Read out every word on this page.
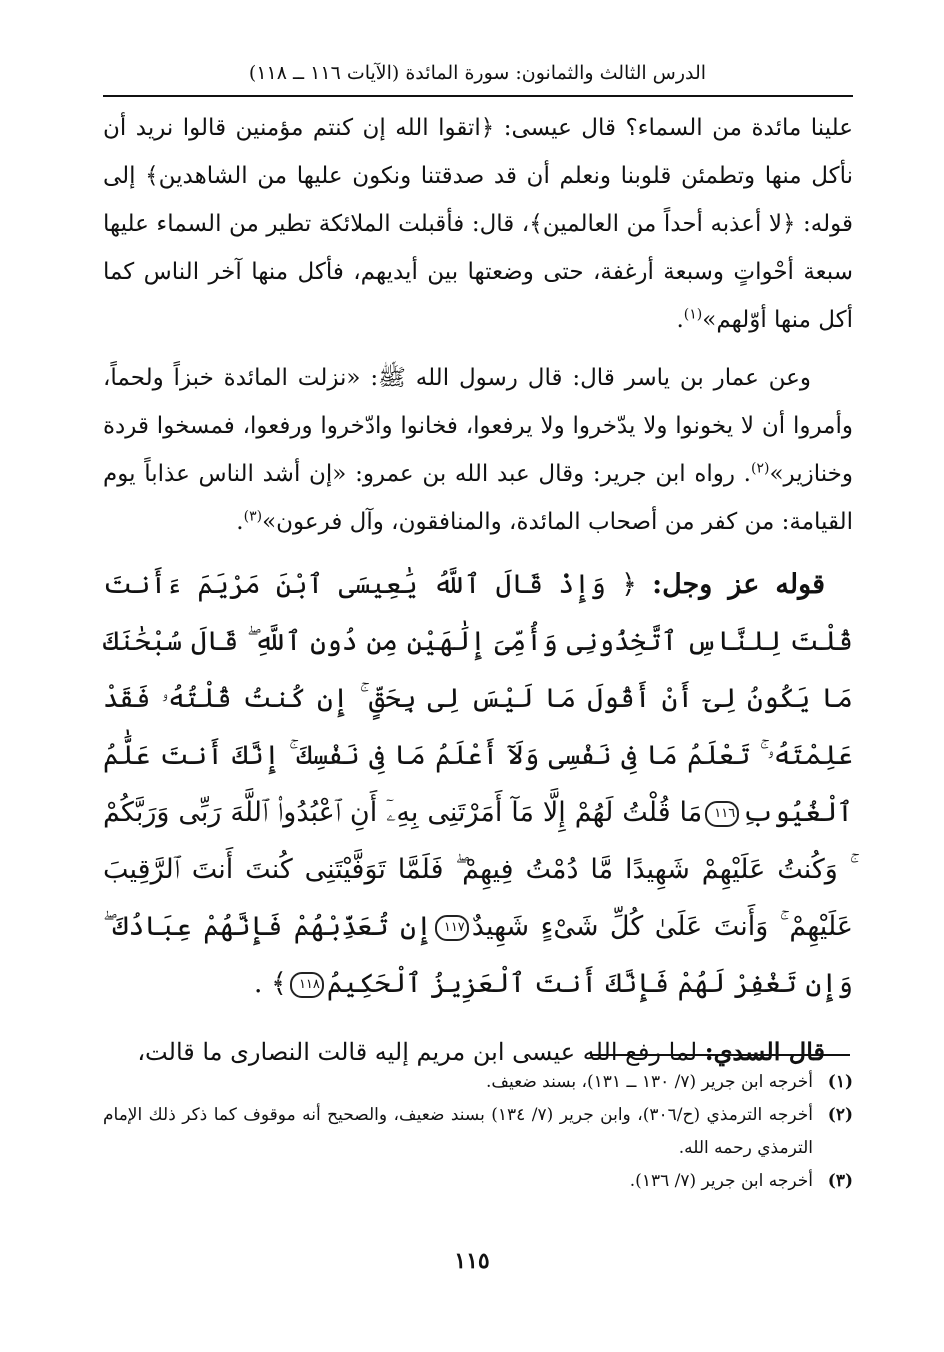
الدرس الثالث والثمانون: سورة المائدة (الآيات ١١٦ ــ ١١٨)

علينا مائدة من السماء؟ قال عيسى: ﴿اتقوا الله إن كنتم مؤمنين قالوا نريد أن نأكل منها وتطمئن قلوبنا ونعلم أن قد صدقتنا ونكون عليها من الشاهدين﴾ إلى قوله: ﴿لا أعذبه أحداً من العالمين﴾، قال: فأقبلت الملائكة تطير من السماء عليها سبعة أحْواتٍ وسبعة أرغفة، حتى وضعتها بين أيديهم، فأكل منها آخر الناس كما أكل منها أوّلهم»$^{(١)}$.

وعن عمار بن ياسر قال: قال رسول الله ﷺ: «نزلت المائدة خبزاً ولحماً، وأمروا أن لا يخونوا ولا يدّخروا ولا يرفعوا، فخانوا وادّخروا ورفعوا، فمسخوا قردة وخنازير»$^{(٢)}$. رواه ابن جرير: وقال عبد الله بن عمرو: «إن أشد الناس عذاباً يوم القيامة: من كفر من أصحاب المائدة، والمنافقون، وآل فرعون»$^{(٣)}$.

قوله عز وجل: ﴿ وَإِذْ قَالَ ٱللَّهُ يَٰعِيسَى ٱبْنَ مَرْيَمَ ءَأَنتَ قُلْتَ لِلنَّاسِ ٱتَّخِذُونِى وَأُمِّىَ إِلَٰهَيْنِ مِن دُونِ ٱللَّهِ ۖ قَالَ سُبْحَٰنَكَ مَا يَكُونُ لِىٓ أَنْ أَقُولَ مَا لَيْسَ لِى بِحَقٍّ ۚ إِن كُنتُ قُلْتُهُۥ فَقَدْ عَلِمْتَهُۥ ۚ تَعْلَمُ مَا فِى نَفْسِى وَلَآ أَعْلَمُ مَا فِى نَفْسِكَ ۚ إِنَّكَ أَنتَ عَلَّٰمُ ٱلْغُيُوبِ١١٦مَا قُلْتُ لَهُمْ إِلَّا مَآ أَمَرْتَنِى بِهِۦٓ أَنِ ٱعْبُدُوا۟ ٱللَّهَ رَبِّى وَرَبَّكُمْ ۚ وَكُنتُ عَلَيْهِمْ شَهِيدًا مَّا دُمْتُ فِيهِمْ ۖ فَلَمَّا تَوَفَّيْتَنِى كُنتَ أَنتَ ٱلرَّقِيبَ عَلَيْهِمْ ۚ وَأَنتَ عَلَىٰ كُلِّ شَىْءٍ شَهِيدٌ١١٧إِن تُعَذِّبْهُمْ فَإِنَّهُمْ عِبَادُكَ ۖ وَإِن تَغْفِرْ لَهُمْ فَإِنَّكَ أَنتَ ٱلْعَزِيزُ ٱلْحَكِيمُ١١٨﴾ .

قال السدي: لما رفع الله عيسى ابن مريم إليه قالت النصارى ما قالت،

(١)
أخرجه ابن جرير (٧/ ١٣٠ ــ ١٣١)، بسند ضعيف.
(٢)
أخرجه الترمذي (ح/٣٠٦)، وابن جرير (٧/ ١٣٤) بسند ضعيف، والصحيح أنه موقوف كما ذكر ذلك الإمام الترمذي رحمه الله.
(٣)
أخرجه ابن جرير (٧/ ١٣٦).
١١٥
